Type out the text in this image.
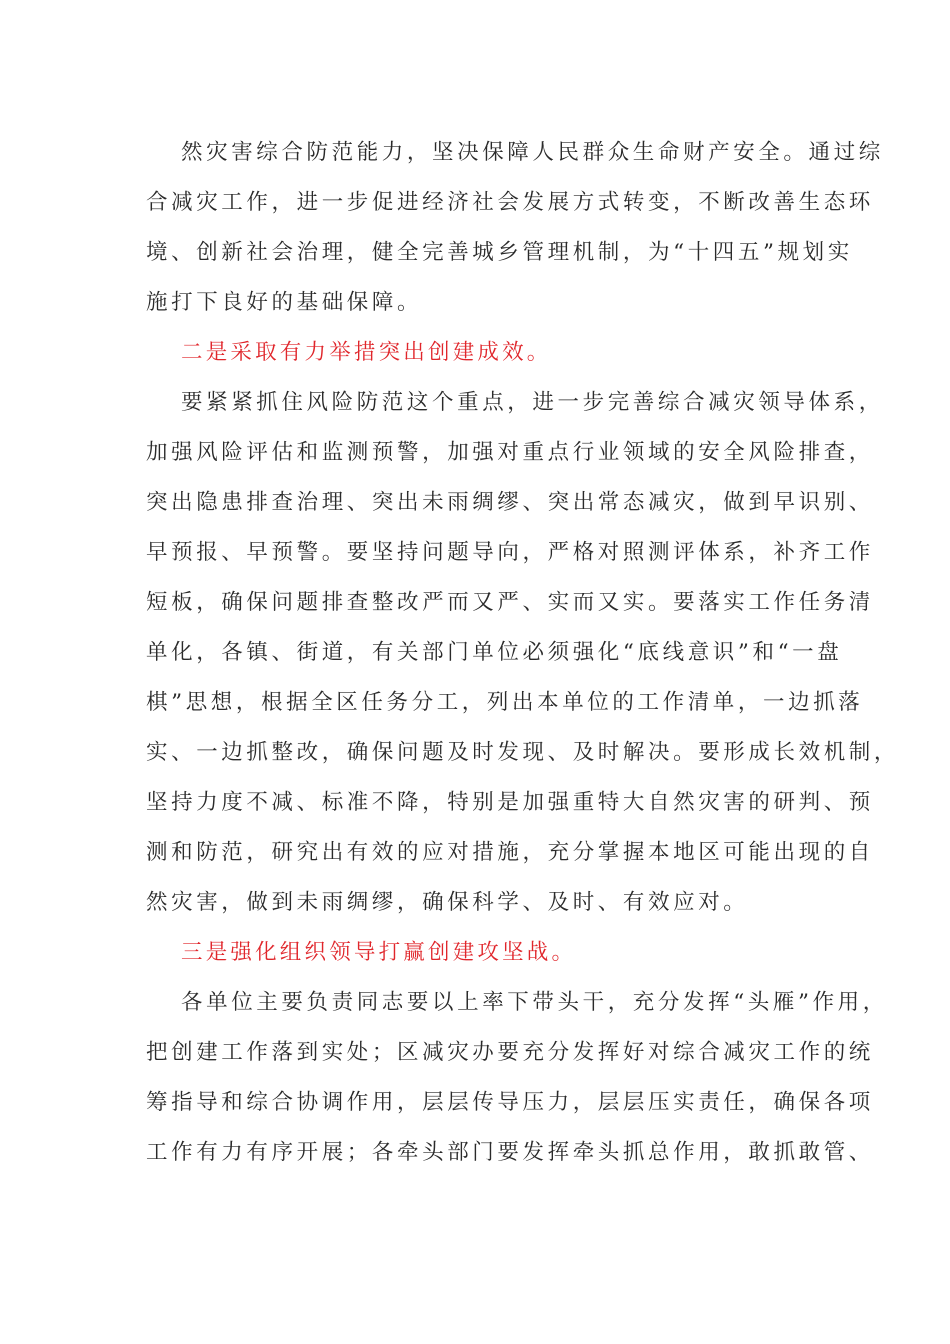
然灾害综合防范能力，坚决保障人民群众生命财产安全。通过综
合减灾工作，进一步促进经济社会发展方式转变，不断改善生态环
境、创新社会治理，健全完善城乡管理机制，为“十四五”规划实
施打下良好的基础保障。
二是采取有力举措突出创建成效。
要紧紧抓住风险防范这个重点，进一步完善综合减灾领导体系，
加强风险评估和监测预警，加强对重点行业领域的安全风险排查，
突出隐患排查治理、突出未雨绸缪、突出常态减灾，做到早识别、
早预报、早预警。要坚持问题导向，严格对照测评体系，补齐工作
短板，确保问题排查整改严而又严、实而又实。要落实工作任务清
单化，各镇、街道，有关部门单位必须强化“底线意识”和“一盘
棋”思想，根据全区任务分工，列出本单位的工作清单，一边抓落
实、一边抓整改，确保问题及时发现、及时解决。要形成长效机制，
坚持力度不减、标准不降，特别是加强重特大自然灾害的研判、预
测和防范，研究出有效的应对措施，充分掌握本地区可能出现的自
然灾害，做到未雨绸缪，确保科学、及时、有效应对。
三是强化组织领导打赢创建攻坚战。
各单位主要负责同志要以上率下带头干，充分发挥“头雁”作用，
把创建工作落到实处；区减灾办要充分发挥好对综合减灾工作的统
筹指导和综合协调作用，层层传导压力，层层压实责任，确保各项
工作有力有序开展；各牵头部门要发挥牵头抓总作用，敢抓敢管、
